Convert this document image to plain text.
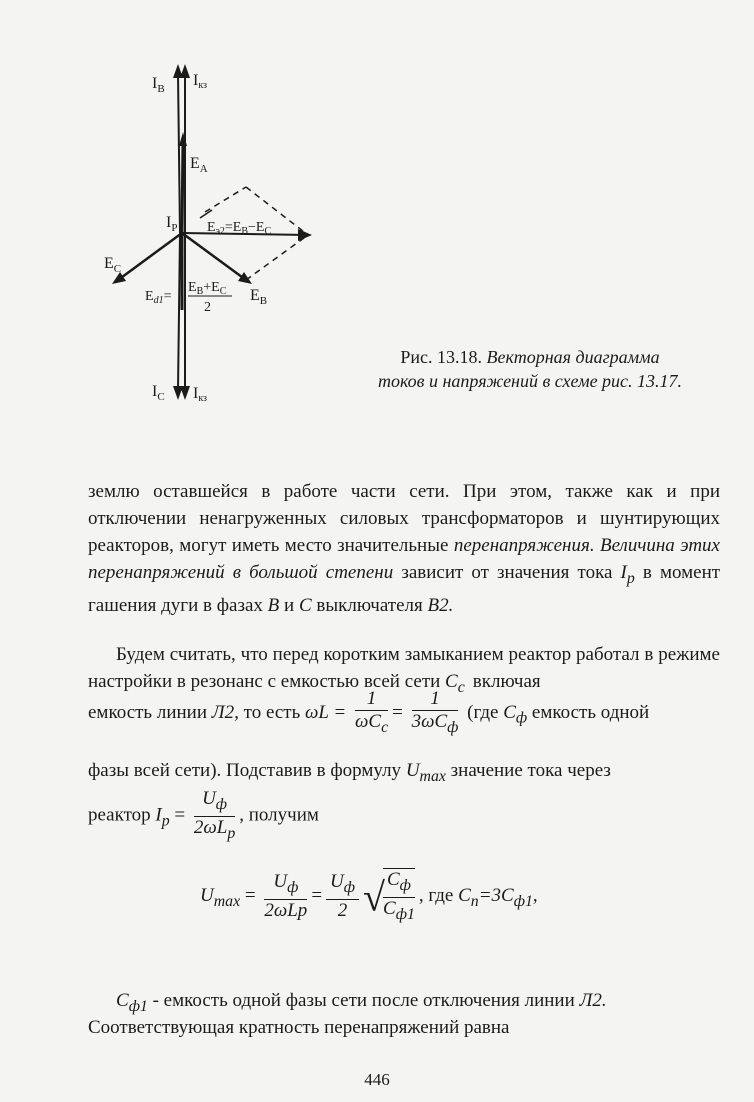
$I_B$ Iкз
$E_A$
$I_P$ $E_{э2}=E_B-E_C$
$E_C$
$E_{d1}=$
$E_B+E_C$
2
$E_B$
$I_C$ Iкз
Рис. 13.18. Векторная диаграмма
токов и напряжений в схеме рис. 13.17.
землю оставшейся в работе части сети. При этом, также как и при отключении ненагруженных силовых трансформаторов и шунтирующих реакторов, могут иметь место значительные перенапряжения. Величина этих перенапряжений в большой степени зависит от значения тока $I_р$ в момент гашения дуги в фазах B и C выключателя В2.
Будем считать, что перед коротким замыканием реактор работал в режиме настройки в резонанс с емкостью всей сети $C_c$ включая
емкость линии Л2, то есть $\omega L = \frac{1}{\omega C_c} = \frac{1}{3\omega C_ф} (где$ $C_ф$ емкость одной
фазы всей сети). Подставив в формулу $U_{max}$ значение тока через
реактор $I_p = \frac{U_ф}{2\omega L_p}$ , получим
$U_{max} = \frac{U_ф}{\text{2ωLp}} = \frac{U_ф}{2}$ √
$\frac{C_ф}{C_{ф1}}$ , где $C_n=3C_{ф1}$,
$C_{ф1}$ - емкость одной фазы сети после отключения линии Л2.
Соответствующая кратность перенапряжений равна
446
